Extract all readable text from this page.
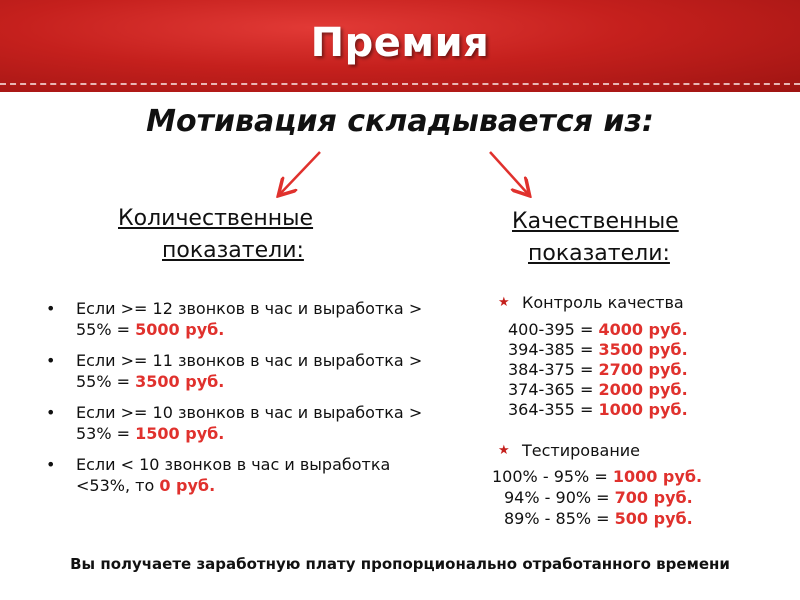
Премия
Мотивация складывается из:
Количественные
показатели:
Качественные
показатели:
• Если >= 12 звонков в час и выработка > 55% = 5000 руб.
• Если >= 11 звонков в час и выработка > 55% = 3500 руб.
• Если >= 10 звонков в час и выработка > 53% = 1500 руб.
• Если < 10 звонков в час и выработка <53%, то 0 руб.
★ Контроль качества
400-395 = 4000 руб.
394-385 = 3500 руб.
384-375 = 2700 руб.
374-365 = 2000 руб.
364-355 = 1000 руб.
★ Тестирование
100% - 95% = 1000 руб.
94% - 90% = 700 руб.
89% - 85% = 500 руб.
Вы получаете заработную плату пропорционально отработанного времени
